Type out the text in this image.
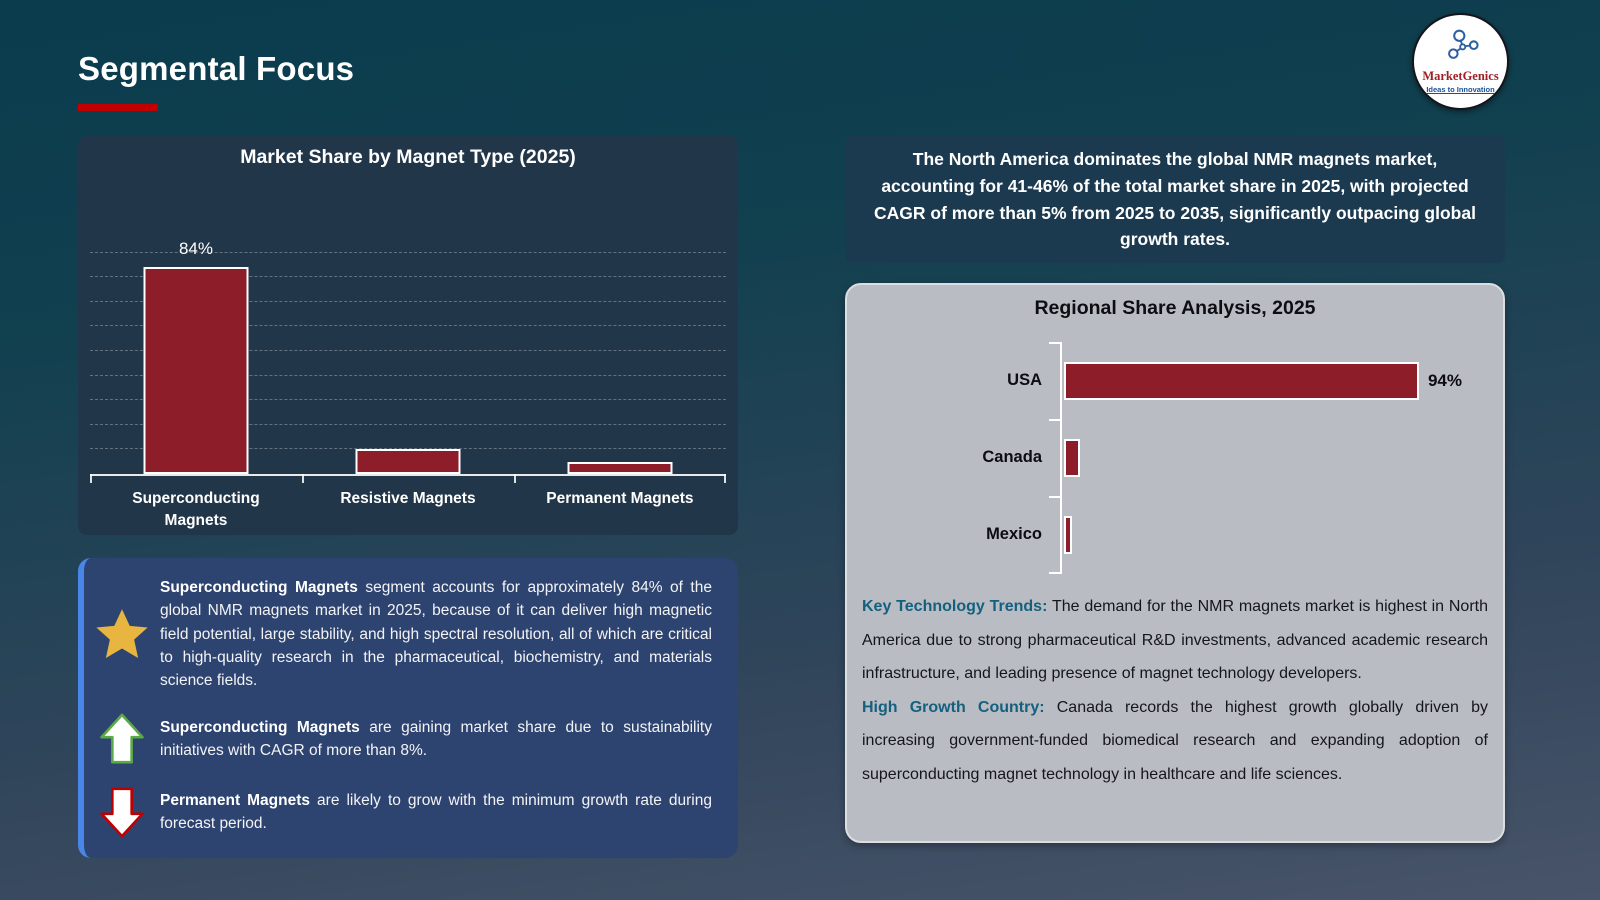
Segmental Focus	MarketGenics
Ideas to Innovation
Market Share by Magnet Type (2025)
84%
Superconducting Magnets
Resistive Magnets	Permanent Magnets

Superconducting Magnets segment accounts for approximately 84% of the global NMR magnets market in 2025, because of it can deliver high magnetic field potential, large stability, and high spectral resolution, all of which are critical to high-quality research in the pharmaceutical, biochemistry, and materials science fields.

Superconducting Magnets are gaining market share due to sustainability initiatives with CAGR of more than 8%.

Permanent Magnets are likely to grow with the minimum growth rate during forecast period.

The North America dominates the global NMR magnets market, accounting for 41-46% of the total market share in 2025, with projected CAGR of more than 5% from 2025 to 2035, significantly outpacing global growth rates.

Regional Share Analysis, 2025
USA	94%
Canada
Mexico

Key Technology Trends: The demand for the NMR magnets market is highest in North America due to strong pharmaceutical R&D investments, advanced academic research infrastructure, and leading presence of magnet technology developers.

High Growth Country: Canada records the highest growth globally driven by increasing government-funded biomedical research and expanding adoption of superconducting magnet technology in healthcare and life sciences.
